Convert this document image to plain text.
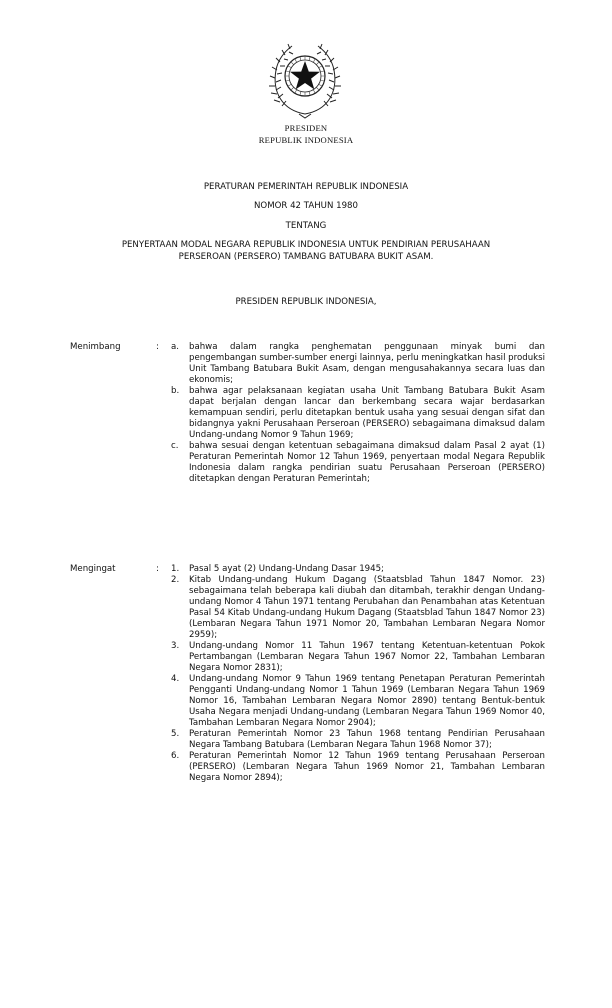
PRESIDEN
REPUBLIK INDONESIA
PERATURAN PEMERINTAH REPUBLIK INDONESIA
NOMOR 42 TAHUN 1980
TENTANG
PENYERTAAN MODAL NEGARA REPUBLIK INDONESIA UNTUK PENDIRIAN PERUSAHAAN
PERSEROAN (PERSERO) TAMBANG BATUBARA BUKIT ASAM.
PRESIDEN REPUBLIK INDONESIA,
Menimbang	: a.	bahwa dalam rangka penghematan penggunaan minyak bumi dan pengembangan sumber-sumber energi lainnya, perlu meningkatkan hasil produksi Unit Tambang Batubara Bukit Asam, dengan mengusahakannya secara luas dan ekonomis;
b.	bahwa agar pelaksanaan kegiatan usaha Unit Tambang Batubara Bukit Asam dapat berjalan dengan lancar dan berkembang secara wajar berdasarkan kemampuan sendiri, perlu ditetapkan bentuk usaha yang sesuai dengan sifat dan bidangnya yakni Perusahaan Perseroan (PERSERO) sebagaimana dimaksud dalam Undang-undang Nomor 9 Tahun 1969;
c.	bahwa sesuai dengan ketentuan sebagaimana dimaksud dalam Pasal 2 ayat (1) Peraturan Pemerintah Nomor 12 Tahun 1969, penyertaan modal Negara Republik Indonesia dalam rangka pendirian suatu Perusahaan Perseroan (PERSERO) ditetapkan dengan Peraturan Pemerintah;
Mengingat	: 1.	Pasal 5 ayat (2) Undang-Undang Dasar 1945;
2.	Kitab Undang-undang Hukum Dagang (Staatsblad Tahun 1847 Nomor. 23) sebagaimana telah beberapa kali diubah dan ditambah, terakhir dengan Undang-undang Nomor 4 Tahun 1971 tentang Perubahan dan Penambahan atas Ketentuan Pasal 54 Kitab Undang-undang Hukum Dagang (Staatsblad Tahun 1847 Nomor 23) (Lembaran Negara Tahun 1971 Nomor 20, Tambahan Lembaran Negara Nomor 2959);
3.	Undang-undang Nomor 11 Tahun 1967 tentang Ketentuan-ketentuan Pokok Pertambangan (Lembaran Negara Tahun 1967 Nomor 22, Tambahan Lembaran Negara Nomor 2831);
4.	Undang-undang Nomor 9 Tahun 1969 tentang Penetapan Peraturan Pemerintah Pengganti Undang-undang Nomor 1 Tahun 1969 (Lembaran Negara Tahun 1969 Nomor 16, Tambahan Lembaran Negara Nomor 2890) tentang Bentuk-bentuk Usaha Negara menjadi Undang-undang (Lembaran Negara Tahun 1969 Nomor 40, Tambahan Lembaran Negara Nomor 2904);
5.	Peraturan Pemerintah Nomor 23 Tahun 1968 tentang Pendirian Perusahaan Negara Tambang Batubara (Lembaran Negara Tahun 1968 Nomor 37);
6.	Peraturan Pemerintah Nomor 12 Tahun 1969 tentang Perusahaan Perseroan (PERSERO) (Lembaran Negara Tahun 1969 Nomor 21, Tambahan Lembaran Negara Nomor 2894);
